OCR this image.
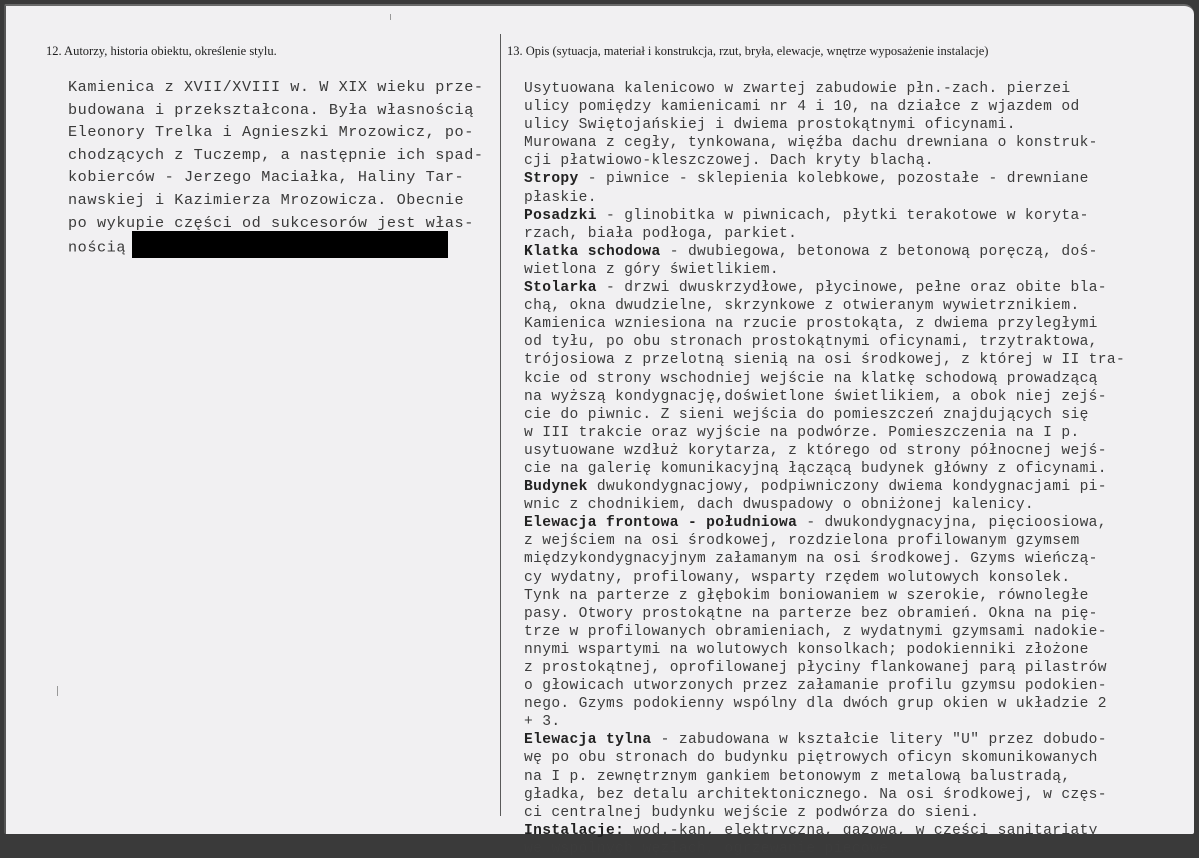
12. Autorzy, historia obiektu, określenie stylu.	13. Opis (sytuacja, materiał i konstrukcja, rzut, bryła, elewacje, wnętrze wyposażenie instalacje)
Kamienica z XVII/XVIII w. W XIX wieku prze-
budowana i przekształcona. Była własnością
Eleonory Trelka i Agnieszki Mrozowicz, po-
chodzących z Tuczemp, a następnie ich spad-
kobierców - Jerzego Maciałka, Haliny Tar-
nawskiej i Kazimierza Mrozowicza. Obecnie
po wykupie części od sukcesorów jest włas-
nością
Usytuowana kalenicowo w zwartej zabudowie płn.-zach. pierzei
ulicy pomiędzy kamienicami nr 4 i 10, na działce z wjazdem od
ulicy Swiętojańskiej i dwiema prostokątnymi oficynami.
Murowana z cegły, tynkowana, więźba dachu drewniana o konstruk-
cji płatwiowo-kleszczowej. Dach kryty blachą.
Stropy - piwnice - sklepienia kolebkowe, pozostałe - drewniane
płaskie.
Posadzki - glinobitka w piwnicach, płytki terakotowe w koryta-
rzach, biała podłoga, parkiet.
Klatka schodowa - dwubiegowa, betonowa z betonową poręczą, doś-
wietlona z góry świetlikiem.
Stolarka - drzwi dwuskrzydłowe, płycinowe, pełne oraz obite bla-
chą, okna dwudzielne, skrzynkowe z otwieranym wywietrznikiem.
Kamienica wzniesiona na rzucie prostokąta, z dwiema przyległymi
od tyłu, po obu stronach prostokątnymi oficynami, trzytraktowa,
trójosiowa z przelotną sienią na osi środkowej, z której w II tra-
kcie od strony wschodniej wejście na klatkę schodową prowadzącą
na wyższą kondygnację,doświetlone świetlikiem, a obok niej zejś-
cie do piwnic. Z sieni wejścia do pomieszczeń znajdujących się
w III trakcie oraz wyjście na podwórze. Pomieszczenia na I p.
usytuowane wzdłuż korytarza, z którego od strony północnej wejś-
cie na galerię komunikacyjną łączącą budynek główny z oficynami.
Budynek dwukondygnacjowy, podpiwniczony dwiema kondygnacjami pi-
wnic z chodnikiem, dach dwuspadowy o obniżonej kalenicy.
Elewacja frontowa - południowa - dwukondygnacyjna, pięcioosiowa,
z wejściem na osi środkowej, rozdzielona profilowanym gzymsem
międzykondygnacyjnym załamanym na osi środkowej. Gzyms wieńczą-
cy wydatny, profilowany, wsparty rzędem wolutowych konsolek.
Tynk na parterze z głębokim boniowaniem w szerokie, równoległe
pasy. Otwory prostokątne na parterze bez obramień. Okna na pię-
trze w profilowanych obramieniach, z wydatnymi gzymsami nadokie-
nnymi wspartymi na wolutowych konsolkach; podokienniki złożone
z prostokątnej, oprofilowanej płyciny flankowanej parą pilastrów
o głowicach utworzonych przez załamanie profilu gzymsu podokien-
nego. Gzyms podokienny wspólny dla dwóch grup okien w układzie 2
+ 3.
Elewacja tylna - zabudowana w kształcie litery "U" przez dobudo-
wę po obu stronach do budynku piętrowych oficyn skomunikowanych
na I p. zewnętrznym gankiem betonowym z metalową balustradą,
gładka, bez detalu architektonicznego. Na osi środkowej, w częs-
ci centralnej budynku wejście z podwórza do sieni.
Instalacje: wod.-kan, elektryczna, gazowa, w części sanitariaty
we wspólnych węzłach, ogrzewanie piecowe.
